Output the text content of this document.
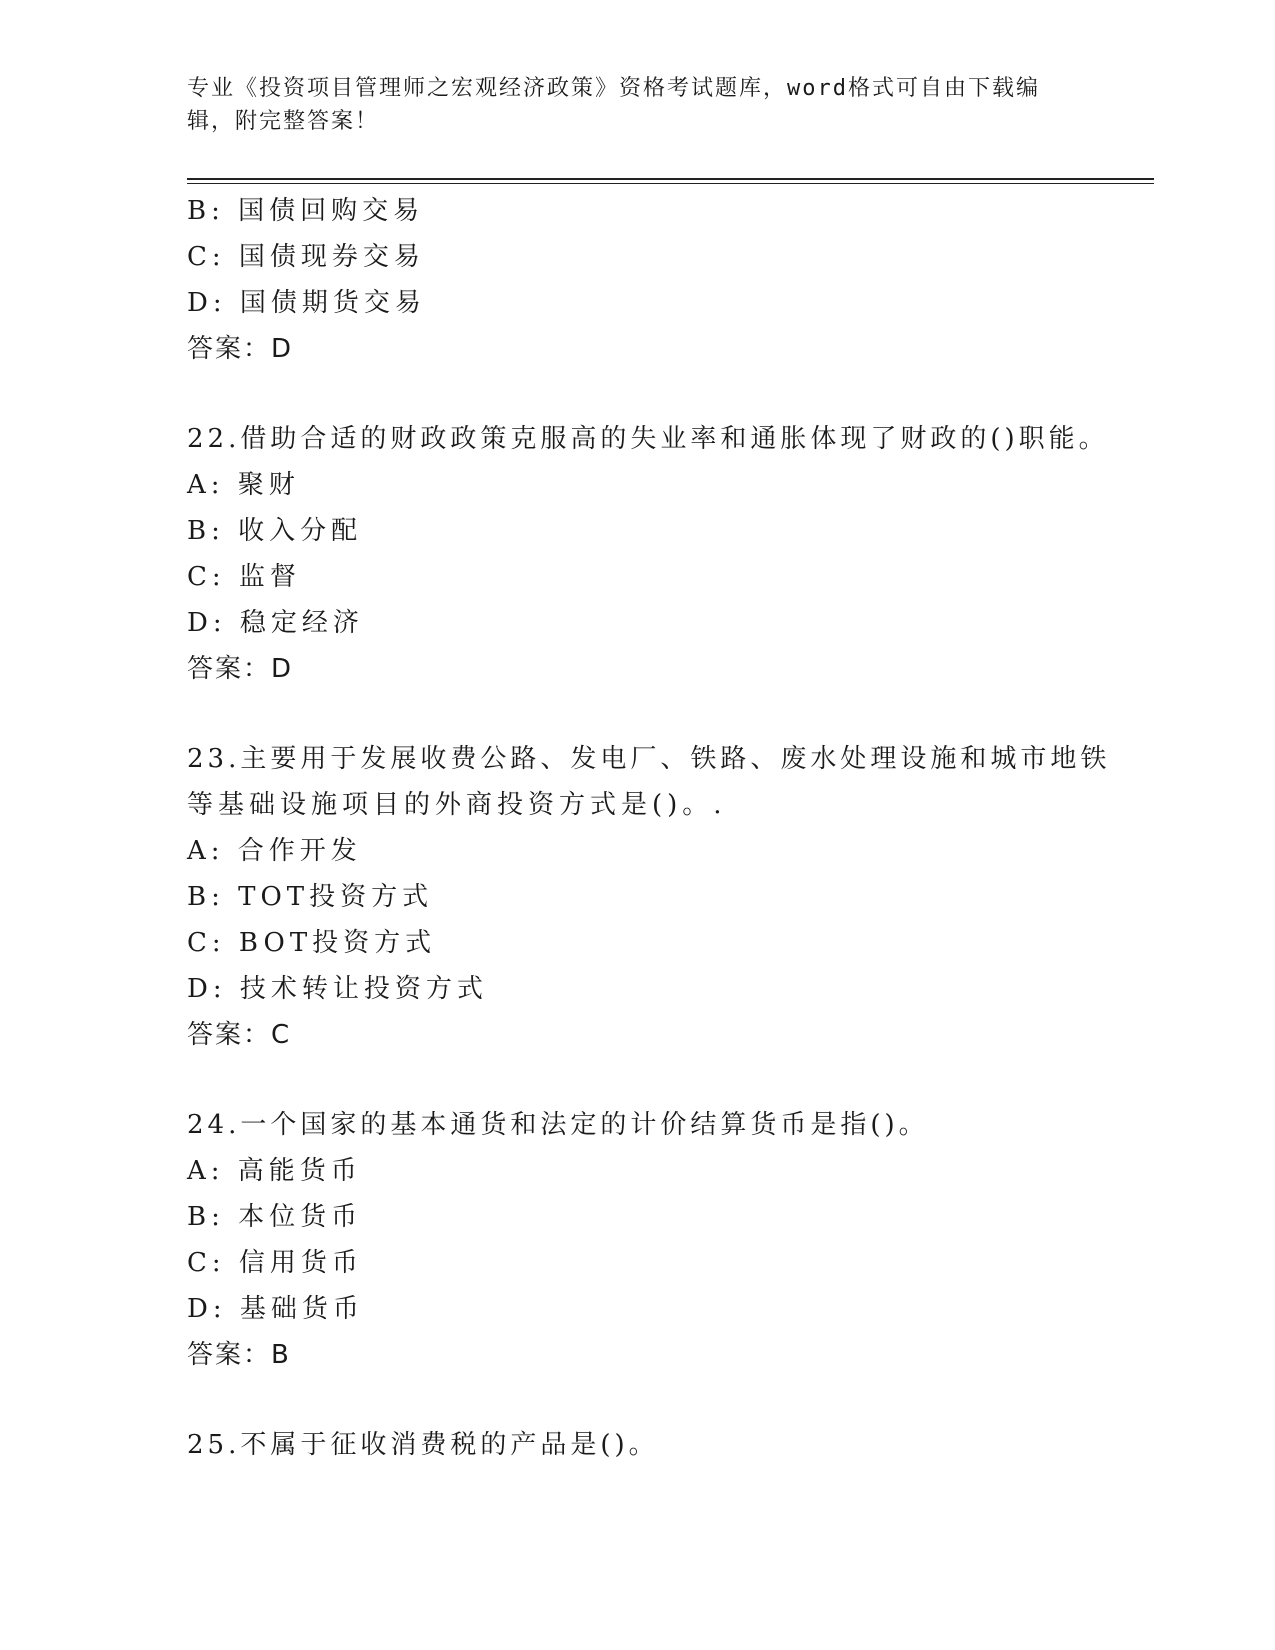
专业《投资项目管理师之宏观经济政策》资格考试题库，word格式可自由下载编
辑，附完整答案！
B: 国债回购交易
C: 国债现券交易
D: 国债期货交易
答案：D
22.借助合适的财政政策克服高的失业率和通胀体现了财政的()职能。
A: 聚财
B: 收入分配
C: 监督
D: 稳定经济
答案：D
23.主要用于发展收费公路、发电厂、铁路、废水处理设施和城市地铁
等基础设施项目的外商投资方式是()。.
A: 合作开发
B: TOT投资方式
C: BOT投资方式
D: 技术转让投资方式
答案：C
24.一个国家的基本通货和法定的计价结算货币是指()。
A: 高能货币
B: 本位货币
C: 信用货币
D: 基础货币
答案：B
25.不属于征收消费税的产品是()。
